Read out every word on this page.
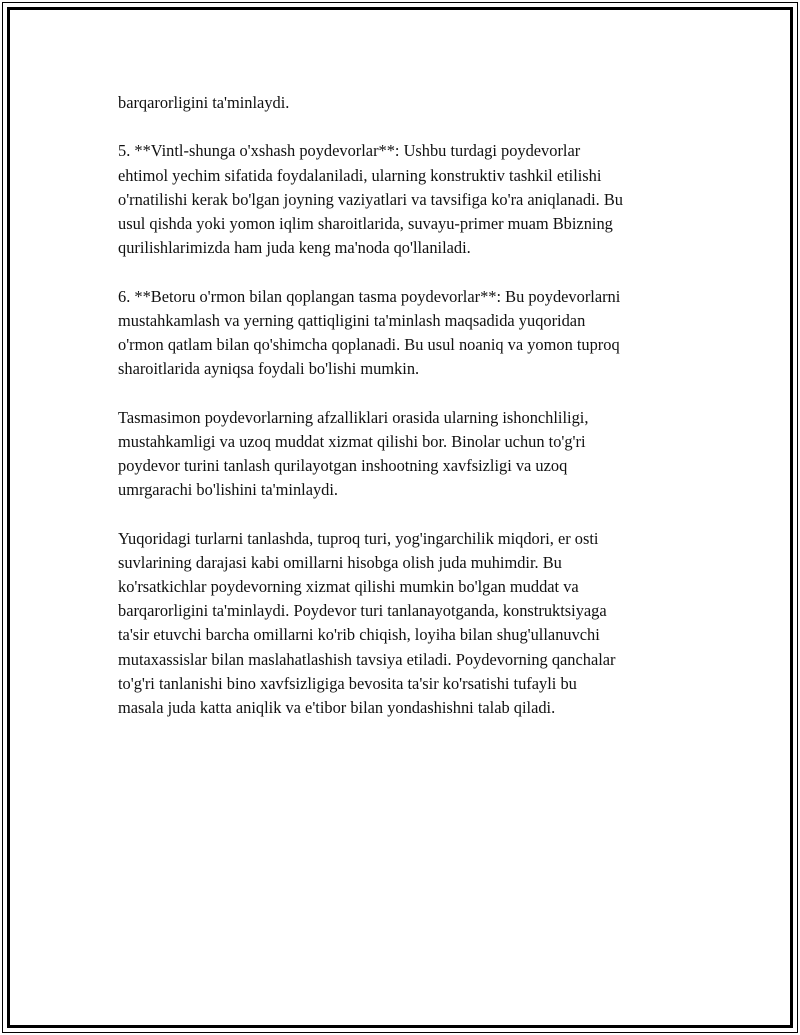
barqarorligini ta'minlaydi.

5. **Vintl-shunga o'xshash poydevorlar**: Ushbu turdagi poydevorlar
ehtimol yechim sifatida foydalaniladi, ularning konstruktiv tashkil etilishi
o'rnatilishi kerak bo'lgan joyning vaziyatlari va tavsifiga ko'ra aniqlanadi. Bu
usul qishda yoki yomon iqlim sharoitlarida, suvayu-primer muam Bbizning
qurilishlarimizda ham juda keng ma'noda qo'llaniladi.

6. **Betoru o'rmon bilan qoplangan tasma poydevorlar**: Bu poydevorlarni
mustahkamlash va yerning qattiqligini ta'minlash maqsadida yuqoridan
o'rmon qatlam bilan qo'shimcha qoplanadi. Bu usul noaniq va yomon tuproq
sharoitlarida ayniqsa foydali bo'lishi mumkin.

Tasmasimon poydevorlarning afzalliklari orasida ularning ishonchliligi,
mustahkamligi va uzoq muddat xizmat qilishi bor. Binolar uchun to'g'ri
poydevor turini tanlash qurilayotgan inshootning xavfsizligi va uzoq
umrgarachi bo'lishini ta'minlaydi.

Yuqoridagi turlarni tanlashda, tuproq turi, yog'ingarchilik miqdori, er osti
suvlarining darajasi kabi omillarni hisobga olish juda muhimdir. Bu
ko'rsatkichlar poydevorning xizmat qilishi mumkin bo'lgan muddat va
barqarorligini ta'minlaydi. Poydevor turi tanlanayotganda, konstruktsiyaga
ta'sir etuvchi barcha omillarni ko'rib chiqish, loyiha bilan shug'ullanuvchi
mutaxassislar bilan maslahatlashish tavsiya etiladi. Poydevorning qanchalar
to'g'ri tanlanishi bino xavfsizligiga bevosita ta'sir ko'rsatishi tufayli bu
masala juda katta aniqlik va e'tibor bilan yondashishni talab qiladi.
